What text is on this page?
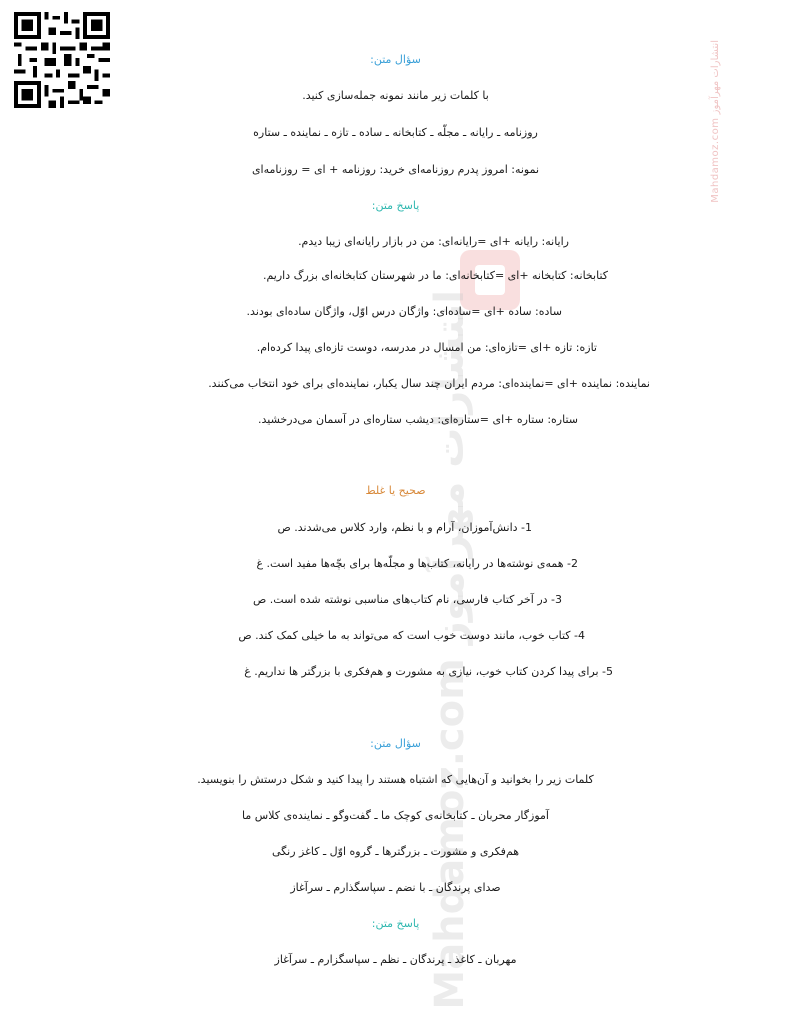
انتشارات مهرآموز Mahdamoz.com
انتشارات مهرآموز Mahdamoz.com
سؤال متن:
با کلمات زیر مانند نمونه جمله‌سازی کنید.
روزنامه ـ رایانه ـ مجلّه ـ کتابخانه ـ ساده ـ تازه ـ نماینده ـ ستاره
نمونه: امروز پدرم روزنامه‌ای خرید: روزنامه + ای = روزنامه‌ای
پاسخ متن:
رایانه: رایانه +ای =رایانه‌ای: من در بازار رایانه‌ای زیبا دیدم.
کتابخانه: کتابخانه +ای =کتابخانه‌ای: ما در شهرستان کتابخانه‌ای بزرگ داریم.
ساده: ساده +ای =ساده‌ای: واژگان درس اوّل، واژگان ساده‌ای بودند.
تازه: تازه +ای =تازه‌ای: من امسال در مدرسه، دوست تازه‌ای پیدا کرده‌ام.
نماینده: نماینده +ای =نماینده‌ای: مردم ایران چند سال یکبار، نماینده‌ای برای خود انتخاب می‌کنند.
ستاره: ستاره +ای =ستاره‌ای: دیشب ستاره‌ای در آسمان می‌درخشید.
صحیح یا غلط
1- دانش‌آموزان، آرام و با نظم، وارد کلاس می‌شدند. ص
2- همه‌ی نوشته‌ها در رایانه، کتاب‌ها و مجلّه‌ها برای بچّه‌ها مفید است. غ
3- در آخر کتاب فارسی، نام کتاب‌های مناسبی نوشته شده است. ص
4- کتاب خوب، مانند دوست خوب است که می‌تواند به ما خیلی کمک کند. ص
5- برای پیدا کردن کتاب خوب، نیازی به مشورت و هم‌فکری با بزرگتر ها نداریم. غ
سؤال متن:
کلمات زیر را بخوانید و آن‌هایی که اشتباه هستند را پیدا کنید و شکل درستش را بنویسید.
آموزگار محربان ـ کتابخانه‌ی کوچک ما ـ گفت‌وگو ـ نماینده‌ی کلاس ما
هم‌فکری و مشورت ـ بزرگترها ـ گروه اوّل ـ کاغز رنگی
صدای پرندگان ـ با نضم ـ سپاسگذارم ـ سرآغاز
پاسخ متن:
مهربان ـ کاغذ ـ پرندگان ـ نظم ـ سپاسگزارم ـ سرآغاز
